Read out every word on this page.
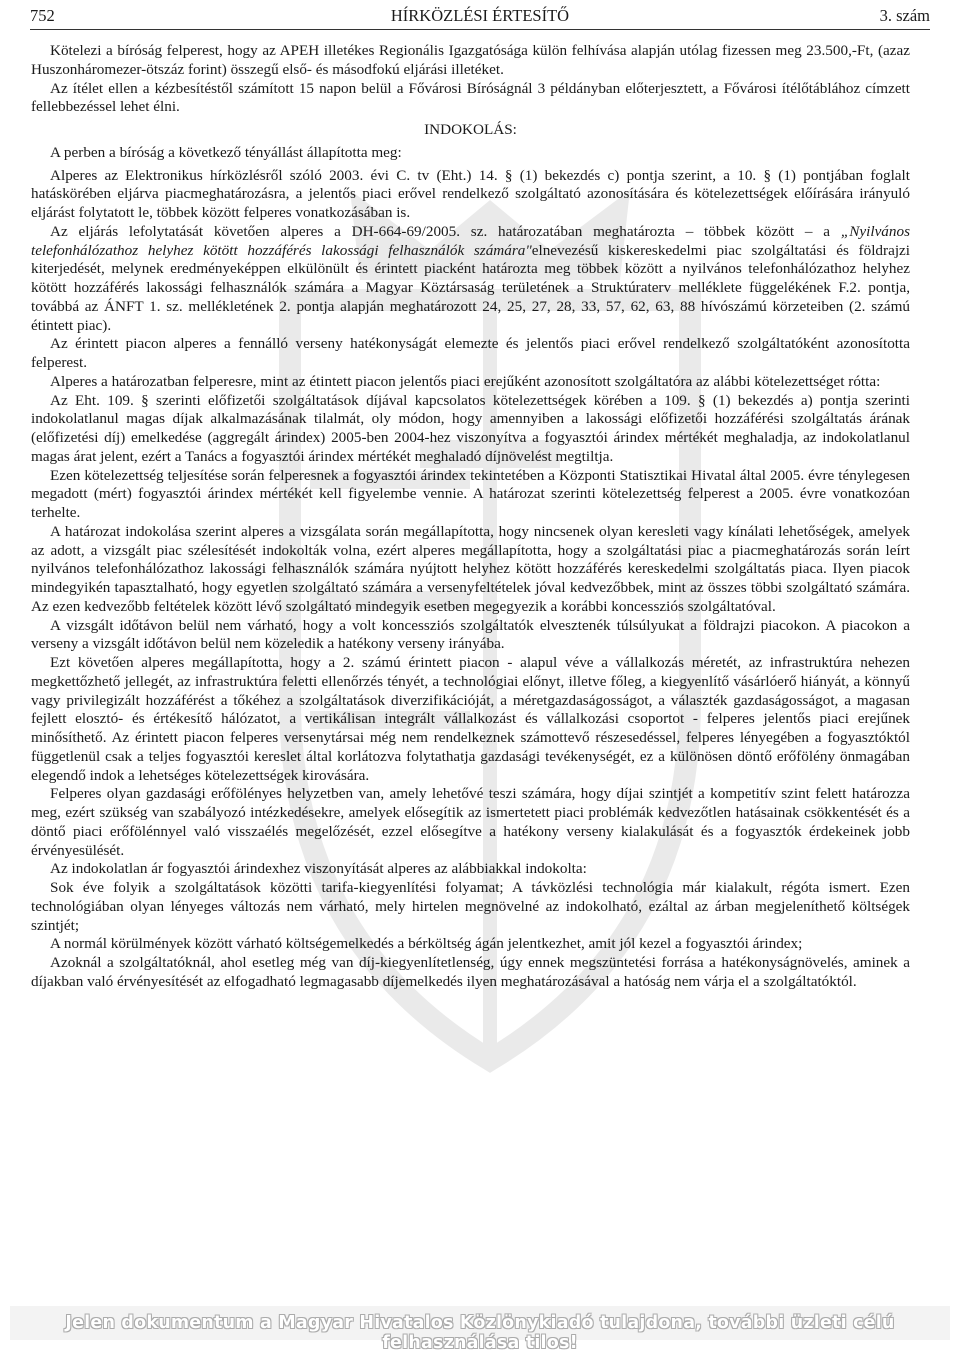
752	HÍRKÖZLÉSI ÉRTESÍTŐ	3. szám

Kötelezi a bíróság felperest, hogy az APEH illetékes Regionális Igazgatósága külön felhívása alapján utólag fizessen meg 23.500,-Ft, (azaz Huszonháromezer-ötszáz forint) összegű első- és másodfokú eljárási illetéket.

Az ítélet ellen a kézbesítéstől számított 15 napon belül a Fővárosi Bíróságnál 3 példányban előterjesztett, a Fővárosi ítélőtáblához címzett fellebbezéssel lehet élni.

INDOKOLÁS:

A perben a bíróság a következő tényállást állapította meg:

Alperes az Elektronikus hírközlésről szóló 2003. évi C. tv (Eht.) 14. § (1) bekezdés c) pontja szerint, a 10. § (1) pontjában foglalt hatáskörében eljárva piacmeghatározásra, a jelentős piaci erővel rendelkező szolgáltató azonosítására és kötelezettségek előírására irányuló eljárást folytatott le, többek között felperes vonatkozásában is.

Az eljárás lefolytatását követően alperes a DH-664-69/2005. sz. határozatában meghatározta – többek között – a „Nyilvános telefonhálózathoz helyhez kötött hozzáférés lakossági felhasználók számára"elnevezésű kiskereskedelmi piac szolgáltatási és földrajzi kiterjedését, melynek eredményeképpen elkülönült és érintett piacként határozta meg többek között a nyilvános telefonhálózathoz helyhez kötött hozzáférés lakossági felhasználók számára a Magyar Köztársaság területének a Struktúraterv melléklete függelékének F.2. pontja, továbbá az ÁNFT 1. sz. mellékletének 2. pontja alapján meghatározott 24, 25, 27, 28, 33, 57, 62, 63, 88 hívószámú körzeteiben (2. számú étintett piac).

Az érintett piacon alperes a fennálló verseny hatékonyságát elemezte és jelentős piaci erővel rendelkező szolgáltatóként azonosította felperest.

Alperes a határozatban felperesre, mint az étintett piacon jelentős piaci erejűként azonosított szolgáltatóra az alábbi kötelezettséget rótta:

Az Eht. 109. § szerinti előfizetői szolgáltatások díjával kapcsolatos kötelezettségek körében a 109. § (1) bekezdés a) pontja szerinti indokolatlanul magas díjak alkalmazásának tilalmát, oly módon, hogy amennyiben a lakossági előfizetői hozzáférési szolgáltatás árának (előfizetési díj) emelkedése (aggregált árindex) 2005-ben 2004-hez viszonyítva a fogyasztói árindex mértékét meghaladja, az indokolatlanul magas árat jelent, ezért a Tanács a fogyasztói árindex mértékét meghaladó díjnövelést megtiltja.

Ezen kötelezettség teljesítése során felperesnek a fogyasztói árindex tekintetében a Központi Statisztikai Hivatal által 2005. évre ténylegesen megadott (mért) fogyasztói árindex mértékét kell figyelembe vennie. A határozat szerinti kötelezettség felperest a 2005. évre vonatkozóan terhelte.

A határozat indokolása szerint alperes a vizsgálata során megállapította, hogy nincsenek olyan keresleti vagy kínálati lehetőségek, amelyek az adott, a vizsgált piac szélesítését indokolták volna, ezért alperes megállapította, hogy a szolgáltatási piac a piacmeghatározás során leírt nyilvános telefonhálózathoz lakossági felhasználók számára nyújtott helyhez kötött hozzáférés kereskedelmi szolgáltatás piaca. Ilyen piacok mindegyikén tapasztalható, hogy egyetlen szolgáltató számára a versenyfeltételek jóval kedvezőbbek, mint az összes többi szolgáltató számára. Az ezen kedvezőbb feltételek között lévő szolgáltató mindegyik esetben megegyezik a korábbi koncessziós szolgáltatóval.

A vizsgált időtávon belül nem várható, hogy a volt koncessziós szolgáltatók elvesztenék túlsúlyukat a földrajzi piacokon. A piacokon a verseny a vizsgált időtávon belül nem közeledik a hatékony verseny irányába.

Ezt követően alperes megállapította, hogy a 2. számú érintett piacon - alapul véve a vállalkozás méretét, az infrastruktúra nehezen megkettőzhető jellegét, az infrastruktúra feletti ellenőrzés tényét, a technológiai előnyt, illetve főleg, a kiegyenlítő vásárlóerő hiányát, a könnyű vagy privilegizált hozzáférést a tőkéhez a szolgáltatások diverzifikációját, a méretgazdaságosságot, a választék gazdaságosságot, a magasan fejlett elosztó- és értékesítő hálózatot, a vertikálisan integrált vállalkozást és vállalkozási csoportot - felperes jelentős piaci erejűnek minősíthető. Az érintett piacon felperes versenytársai még nem rendelkeznek számottevő részesedéssel, felperes lényegében a fogyasztóktól függetlenül csak a teljes fogyasztói kereslet által korlátozva folytathatja gazdasági tevékenységét, ez a különösen döntő erőfölény önmagában elegendő indok a lehetséges kötelezettségek kirovására.

Felperes olyan gazdasági erőfölényes helyzetben van, amely lehetővé teszi számára, hogy díjai szintjét a kompetitív szint felett határozza meg, ezért szükség van szabályozó intézkedésekre, amelyek elősegítik az ismertetett piaci problémák kedvezőtlen hatásainak csökkentését és a döntő piaci erőfölénnyel való visszaélés megelőzését, ezzel elősegítve a hatékony verseny kialakulását és a fogyasztók érdekeinek jobb érvényesülését.

Az indokolatlan ár fogyasztói árindexhez viszonyítását alperes az alábbiakkal indokolta:

Sok éve folyik a szolgáltatások közötti tarifa-kiegyenlítési folyamat; A távközlési technológia már kialakult, régóta ismert. Ezen technológiában olyan lényeges változás nem várható, mely hirtelen megnövelné az indokolható, ezáltal az árban megjeleníthető költségek szintjét;

A normál körülmények között várható költségemelkedés a bérköltség ágán jelentkezhet, amit jól kezel a fogyasztói árindex;

Azoknál a szolgáltatóknál, ahol esetleg még van díj-kiegyenlítetlenség, úgy ennek megszüntetési forrása a hatékonyságnövelés, aminek a díjakban való érvényesítését az elfogadható legmagasabb díjemelkedés ilyen meghatározásával a hatóság nem várja el a szolgáltatóktól.

Jelen dokumentum a Magyar Hivatalos Közlönykiadó tulajdona, további üzleti célú felhasználása tilos!
